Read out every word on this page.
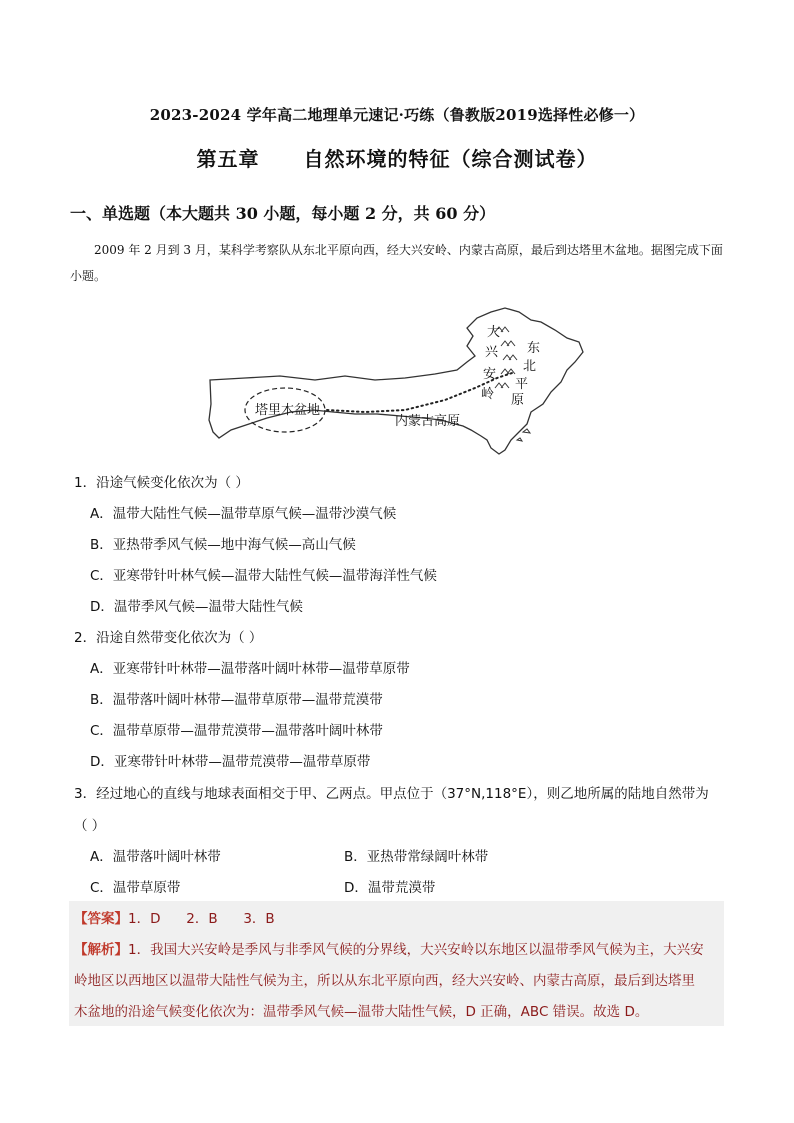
2023-2024 学年高二地理单元速记·巧练（鲁教版2019选择性必修一）
第五章 自然环境的特征（综合测试卷）
一、单选题（本大题共 30 小题，每小题 2 分，共 60 分）
2009 年 2 月到 3 月，某科学考察队从东北平原向西，经大兴安岭、内蒙古高原，最后到达塔里木盆地。据图完成下面小题。
塔里木盆地
内蒙古高原
大
兴
安
岭
东
北
平
原
1．沿途气候变化依次为（ ）
A．温带大陆性气候—温带草原气候—温带沙漠气候
B．亚热带季风气候—地中海气候—高山气候
C．亚寒带针叶林气候—温带大陆性气候—温带海洋性气候
D．温带季风气候—温带大陆性气候
2．沿途自然带变化依次为（ ）
A．亚寒带针叶林带—温带落叶阔叶林带—温带草原带
B．温带落叶阔叶林带—温带草原带—温带荒漠带
C．温带草原带—温带荒漠带—温带落叶阔叶林带
D．亚寒带针叶林带—温带荒漠带—温带草原带
3．经过地心的直线与地球表面相交于甲、乙两点。甲点位于（37°N,118°E），则乙地所属的陆地自然带为
（ ）
A．温带落叶阔叶林带	B．亚热带常绿阔叶林带
C．温带草原带	D．温带荒漠带
【答案】1．D      2．B      3．B
【解析】1．我国大兴安岭是季风与非季风气候的分界线，大兴安岭以东地区以温带季风气候为主，大兴安
岭地区以西地区以温带大陆性气候为主，所以从东北平原向西，经大兴安岭、内蒙古高原，最后到达塔里
木盆地的沿途气候变化依次为：温带季风气候—温带大陆性气候，D 正确，ABC 错误。故选 D。
